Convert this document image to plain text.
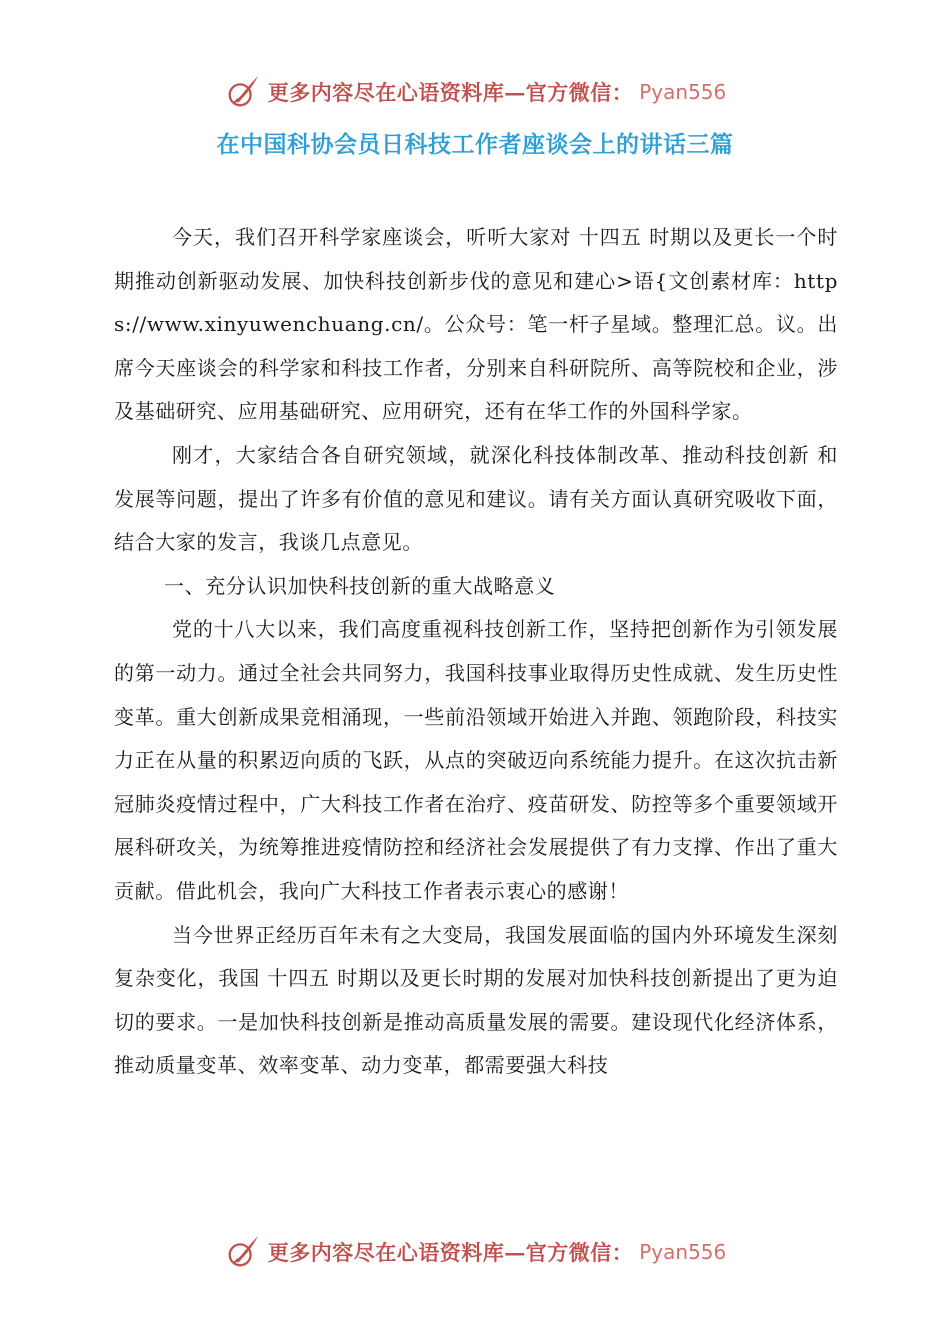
更多内容尽在心语资料库—官方微信： Pyan556
在中国科协会员日科技工作者座谈会上的讲话三篇

今天，我们召开科学家座谈会，听听大家对 十四五 时期以及更长一个时期推动创新驱动发展、加快科技创新步伐的意见和建心>语{文创素材库：https://www.xinyuwenchuang.cn/。公众号：笔一杆子星域。整理汇总。议。出席今天座谈会的科学家和科技工作者，分别来自科研院所、高等院校和企业，涉及基础研究、应用基础研究、应用研究，还有在华工作的外国科学家。

刚才，大家结合各自研究领域，就深化科技体制改革、推动科技创新 和发展等问题，提出了许多有价值的意见和建议。请有关方面认真研究吸收下面，结合大家的发言，我谈几点意见。

一、充分认识加快科技创新的重大战略意义

党的十八大以来，我们高度重视科技创新工作，坚持把创新作为引领发展的第一动力。通过全社会共同努力，我国科技事业取得历史性成就、发生历史性变革。重大创新成果竞相涌现，一些前沿领域开始进入并跑、领跑阶段，科技实力正在从量的积累迈向质的飞跃，从点的突破迈向系统能力提升。在这次抗击新冠肺炎疫情过程中，广大科技工作者在治疗、疫苗研发、防控等多个重要领域开展科研攻关，为统筹推进疫情防控和经济社会发展提供了有力支撑、作出了重大贡献。借此机会，我向广大科技工作者表示衷心的感谢！

当今世界正经历百年未有之大变局，我国发展面临的国内外环境发生深刻复杂变化，我国 十四五 时期以及更长时期的发展对加快科技创新提出了更为迫切的要求。一是加快科技创新是推动高质量发展的需要。建设现代化经济体系，推动质量变革、效率变革、动力变革，都需要强大科技

更多内容尽在心语资料库—官方微信： Pyan556
